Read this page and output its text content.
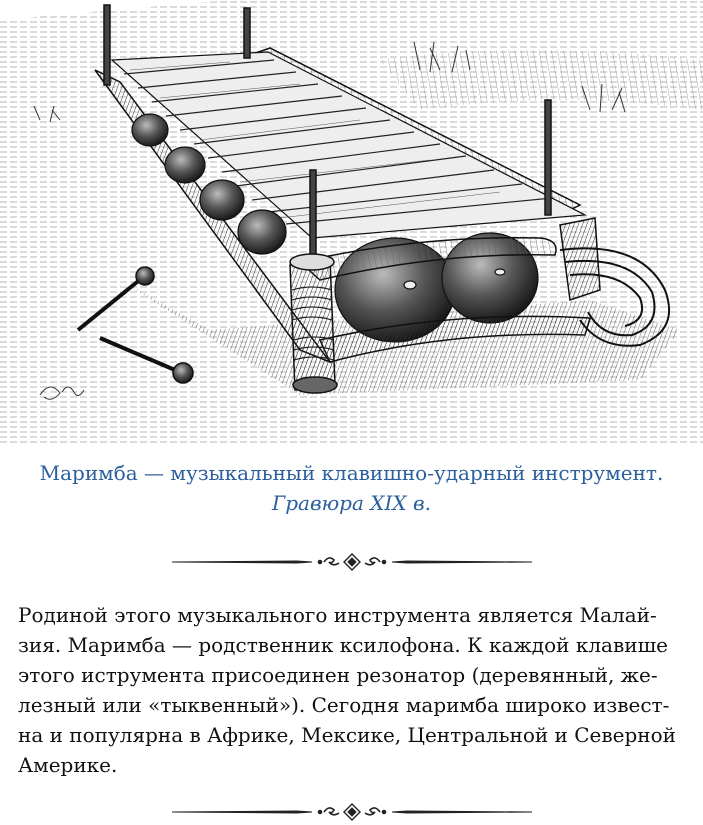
Маримба — музыкальный клавишно-ударный инструмент.
Гравюра XIX в.
Родиной этого музыкального инструмента является Малай-
зия. Маримба — родственник ксилофона. К каждой клавише
этого иструмента присоединен резонатор (деревянный, же-
лезный или «тыквенный»). Сегодня маримба широко извест-
на и популярна в Африке, Мексике, Центральной и Северной
Америке.
